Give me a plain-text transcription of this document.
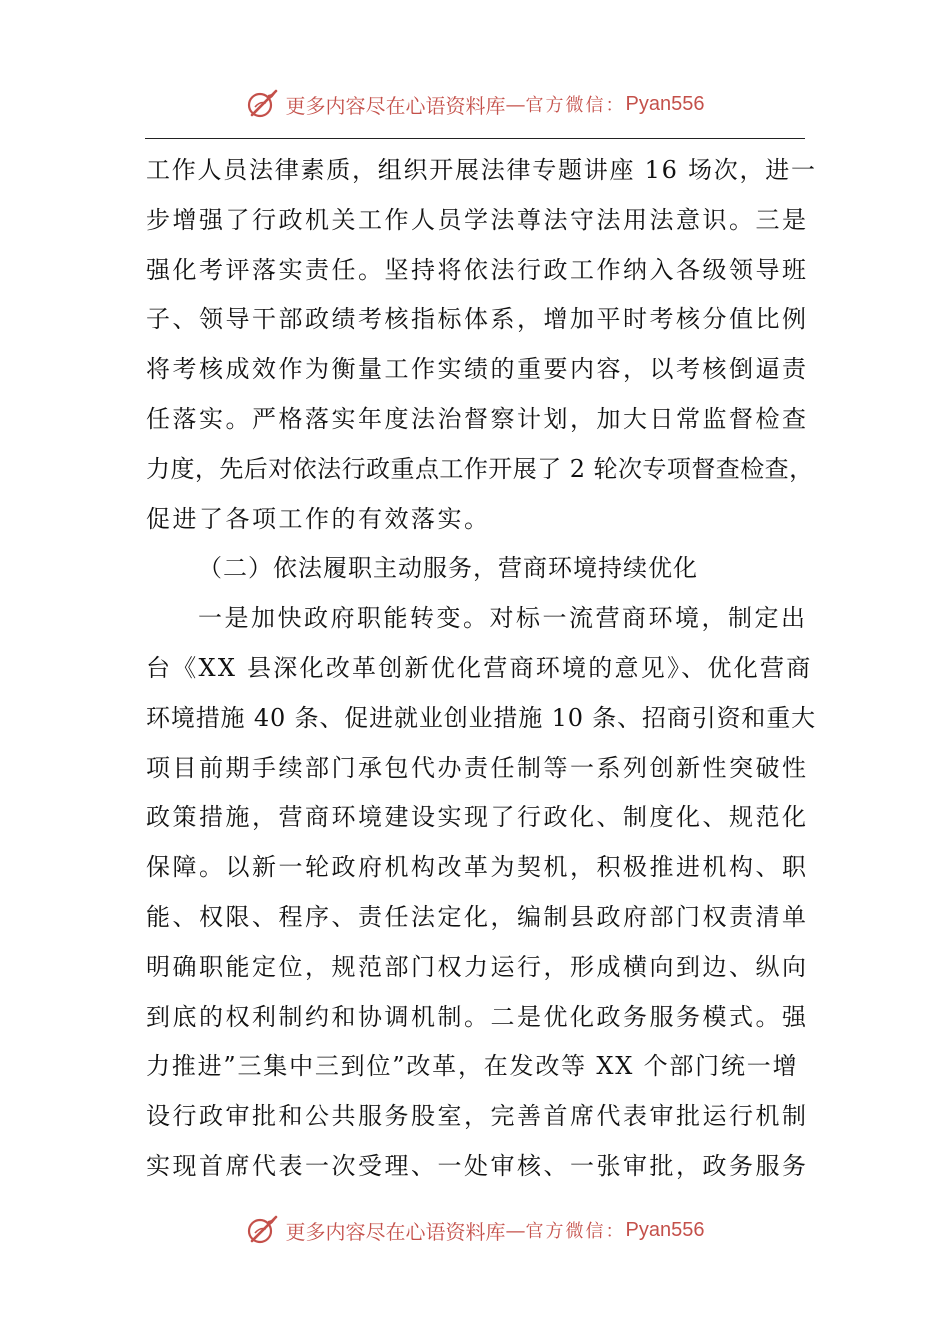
更多内容尽在心语资料库 — 官方微信： Pyan556
工作人员法律素质，组织开展法律专题讲座 16 场次，进一
步增强了行政机关工作人员学法尊法守法用法意识。三是
强化考评落实责任。坚持将依法行政工作纳入各级领导班
子、领导干部政绩考核指标体系，增加平时考核分值比例
将考核成效作为衡量工作实绩的重要内容，以考核倒逼责
任落实。严格落实年度法治督察计划，加大日常监督检查
力度，先后对依法行政重点工作开展了 2 轮次专项督查检查，
促进了各项工作的有效落实。
（二）依法履职主动服务，营商环境持续优化
一是加快政府职能转变。对标一流营商环境，制定出
台《XX 县深化改革创新优化营商环境的意见》、优化营商
环境措施 40 条、促进就业创业措施 10 条、招商引资和重大
项目前期手续部门承包代办责任制等一系列创新性突破性
政策措施，营商环境建设实现了行政化、制度化、规范化
保障。以新一轮政府机构改革为契机，积极推进机构、职
能、权限、程序、责任法定化，编制县政府部门权责清单
明确职能定位，规范部门权力运行，形成横向到边、纵向
到底的权利制约和协调机制。二是优化政务服务模式。强
力推进”三集中三到位”改革，在发改等 XX 个部门统一增
设行政审批和公共服务股室，完善首席代表审批运行机制
实现首席代表一次受理、一处审核、一张审批，政务服务
更多内容尽在心语资料库 — 官方微信： Pyan556
